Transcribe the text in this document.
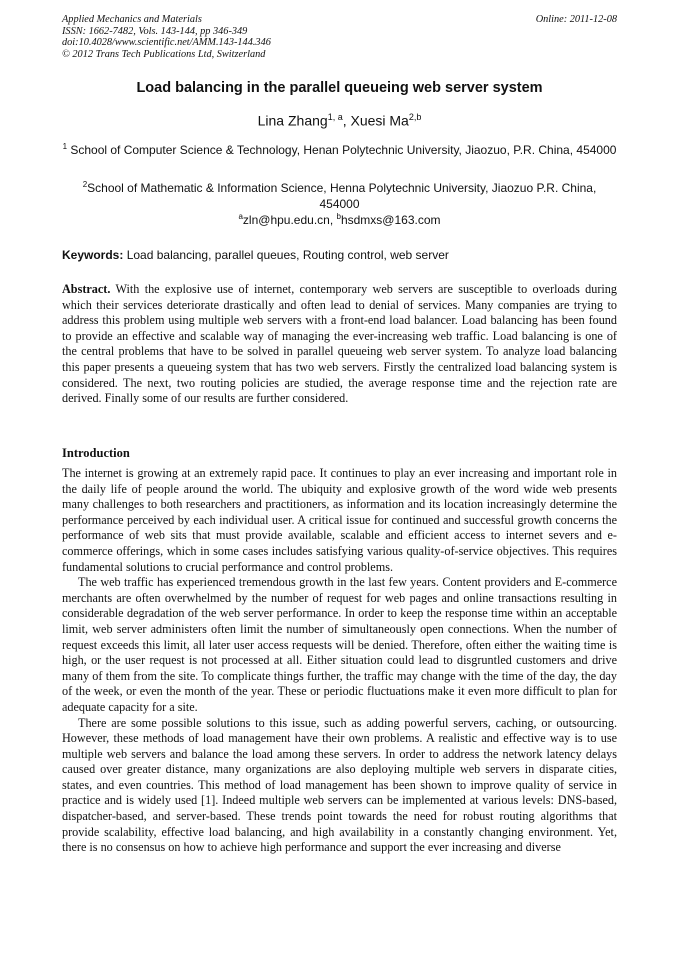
Applied Mechanics and Materials
ISSN: 1662-7482, Vols. 143-144, pp 346-349
doi:10.4028/www.scientific.net/AMM.143-144.346
© 2012 Trans Tech Publications Ltd, Switzerland
Online: 2011-12-08
Load balancing in the parallel queueing web server system
Lina Zhang$^{1, a}$, Xuesi Ma$^{2,b}$
$^1$ School of Computer Science & Technology, Henan Polytechnic University, Jiaozuo, P.R. China, 454000
$^2$School of Mathematic & Information Science, Henna Polytechnic University, Jiaozuo P.R. China, 454000
$^a$zln@hpu.edu.cn, $^b$hsdmxs@163.com
Keywords: Load balancing, parallel queues, Routing control, web server
Abstract. With the explosive use of internet, contemporary web servers are susceptible to overloads during which their services deteriorate drastically and often lead to denial of services. Many companies are trying to address this problem using multiple web servers with a front-end load balancer. Load balancing has been found to provide an effective and scalable way of managing the ever-increasing web traffic. Load balancing is one of the central problems that have to be solved in parallel queueing web server system. To analyze load balancing this paper presents a queueing system that has two web servers. Firstly the centralized load balancing system is considered. The next, two routing policies are studied, the average response time and the rejection rate are derived. Finally some of our results are further considered.
Introduction

The internet is growing at an extremely rapid pace. It continues to play an ever increasing and important role in the daily life of people around the world. The ubiquity and explosive growth of the word wide web presents many challenges to both researchers and practitioners, as information and its location increasingly determine the performance perceived by each individual user. A critical issue for continued and successful growth concerns the performance of web sits that must provide available, scalable and efficient access to internet severs and e-commerce offerings, which in some cases includes satisfying various quality-of-service objectives. This requires fundamental solutions to crucial performance and control problems.

The web traffic has experienced tremendous growth in the last few years. Content providers and E-commerce merchants are often overwhelmed by the number of request for web pages and online transactions resulting in considerable degradation of the web server performance. In order to keep the response time within an acceptable limit, web server administers often limit the number of simultaneously open connections. When the number of request exceeds this limit, all later user access requests will be denied. Therefore, often either the waiting time is high, or the user request is not processed at all. Either situation could lead to disgruntled customers and drive many of them from the site. To complicate things further, the traffic may change with the time of the day, the day of the week, or even the month of the year. These or periodic fluctuations make it even more difficult to plan for adequate capacity for a site.

There are some possible solutions to this issue, such as adding powerful servers, caching, or outsourcing. However, these methods of load management have their own problems. A realistic and effective way is to use multiple web servers and balance the load among these servers. In order to address the network latency delays caused over greater distance, many organizations are also deploying multiple web servers in disparate cities, states, and even countries. This method of load management has been shown to improve quality of service in practice and is widely used [1]. Indeed multiple web servers can be implemented at various levels: DNS-based, dispatcher-based, and server-based. These trends point towards the need for robust routing algorithms that provide scalability, effective load balancing, and high availability in a constantly changing environment. Yet, there is no consensus on how to achieve high performance and support the ever increasing and diverse
